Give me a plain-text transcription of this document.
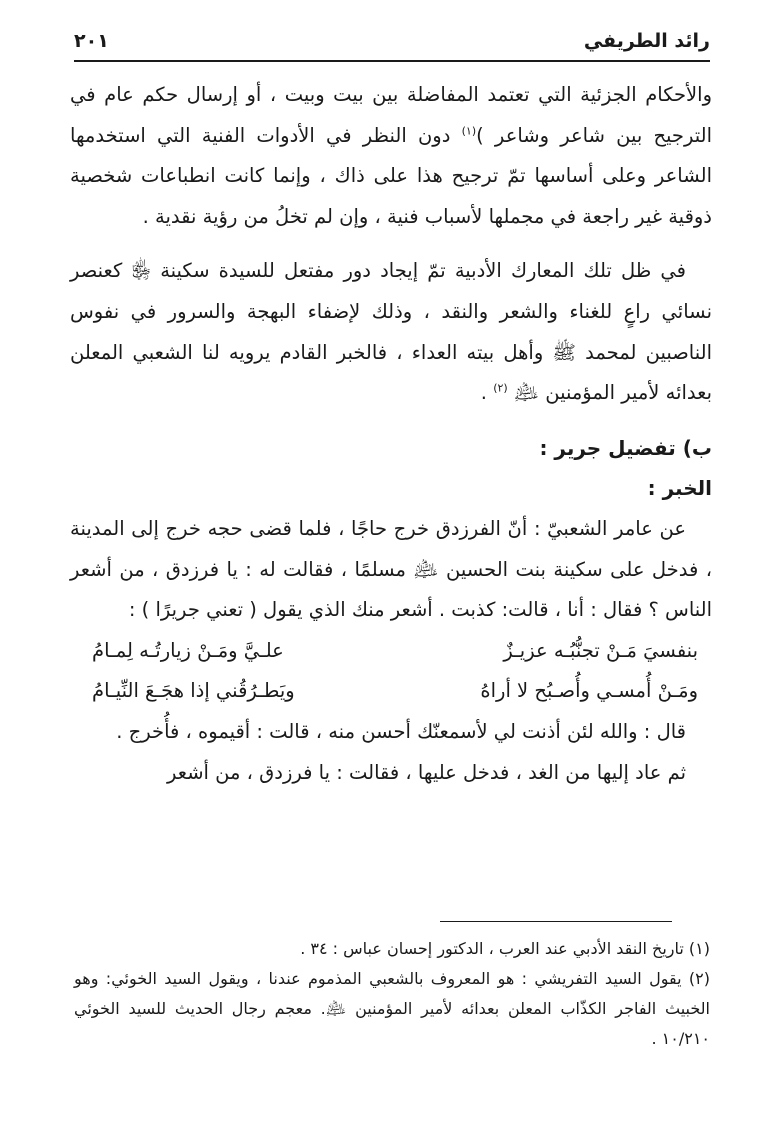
رائد الطريفي
٢٠١

والأحكام الجزئية التي تعتمد المفاضلة بين بيت وبيت ، أو إرسال حكم عام في الترجيح بين شاعر وشاعر )$^{(١)}$ دون النظر في الأدوات الفنية التي استخدمها الشاعر وعلى أساسها تمّ ترجيح هذا على ذاك ، وإنما كانت انطباعات شخصية ذوقية غير راجعة في مجملها لأسباب فنية ، وإن لم تخلُ من رؤية نقدية .

في ظل تلك المعارك الأدبية تمّ إيجاد دور مفتعل للسيدة سكينة ﵂ كعنصر نسائي راعٍ للغناء والشعر والنقد ، وذلك لإضفاء البهجة والسرور في نفوس الناصبين لمحمد ﷺ وأهل بيته العداء ، فالخبر القادم يرويه لنا الشعبي المعلن بعدائه لأمير المؤمنين ﵇ $^{(٢)}$ .

ب) تفضيل جرير :

الخبر :

عن عامر الشعبيّ : أنّ الفرزدق خرج حاجًا ، فلما قضى حجه خرج إلى المدينة ، فدخل على سكينة بنت الحسين ﵇ مسلمًا ، فقالت له : يا فرزدق ، من أشعر الناس ؟ فقال : أنا ، قالت: كذبت . أشعر منك الذي يقول ( تعني جريرًا ) :

بنفسيَ مَـنْ تجنُّبُـه عزيـزٌ
علـيَّ ومَـنْ زيارتُـه لِمـامُ
ومَـنْ أُمسـي وأُصـبُح لا أراهُ
ويَطـرُقُني إذا هجَـعَ النِّيـامُ

قال : والله لئن أذنت لي لأسمعنّك أحسن منه ، قالت : أقيموه ، فأُخرج .

ثم عاد إليها من الغد ، فدخل عليها ، فقالت : يا فرزدق ، من أشعر

(١) تاريخ النقد الأدبي عند العرب ، الدكتور إحسان عباس : ٣٤ .

(٢) يقول السيد التفريشي : هو المعروف بالشعبي المذموم عندنا ، ويقول السيد الخوئي: وهو الخبيث الفاجر الكذّاب المعلن بعدائه لأمير المؤمنين ﵇. معجم رجال الحديث للسيد الخوئي ١٠/٢١٠ .
